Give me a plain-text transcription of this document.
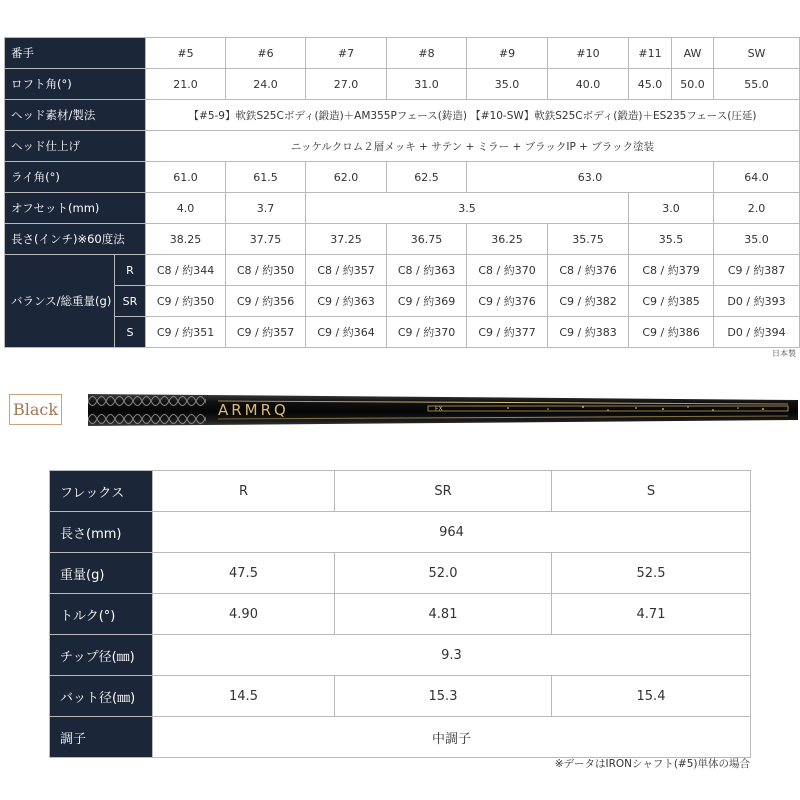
番手		#5	#6	#7	#8	#9	#10	#11	AW	SW
ロフト角(°)		21.0	24.0	27.0	31.0	35.0	40.0	45.0	50.0	55.0
ヘッド素材/製法		【#5-9】軟鉄S25Cボディ(鍛造)＋AM355Pフェース(鋳造) 【#10-SW】軟鉄S25Cボディ(鍛造)＋ES235フェース(圧延)								
ヘッド仕上げ		ニッケルクロム２層メッキ + サテン + ミラー + ブラックIP + ブラック塗装								
ライ角(°)		61.0	61.5	62.0	62.5	63.0				64.0
オフセット(mm)		4.0	3.7	3.5				3.0		2.0
長さ(インチ)※60度法		38.25	37.75	37.25	36.75	36.25	35.75	35.5		35.0
バランス/総重量(g)	R	C8 / 約344	C8 / 約350	C8 / 約357	C8 / 約363	C8 / 約370	C8 / 約376	C8 / 約379		C9 / 約387
	SR	C9 / 約350	C9 / 約356	C9 / 約363	C9 / 約369	C9 / 約376	C9 / 約382	C9 / 約385		D0 / 約393
	S	C9 / 約351	C9 / 約357	C9 / 約364	C9 / 約370	C9 / 約377	C9 / 約383	C9 / 約386		D0 / 約394
日本製
Black	ARMRQ	FX
フレックス	R	SR	S
長さ(mm)	964		
重量(g)	47.5	52.0	52.5
トルク(°)	4.90	4.81	4.71
チップ径(㎜)	9.3		
バット径(㎜)	14.5	15.3	15.4
調子	中調子		
※データはIRONシャフト(#5)単体の場合
